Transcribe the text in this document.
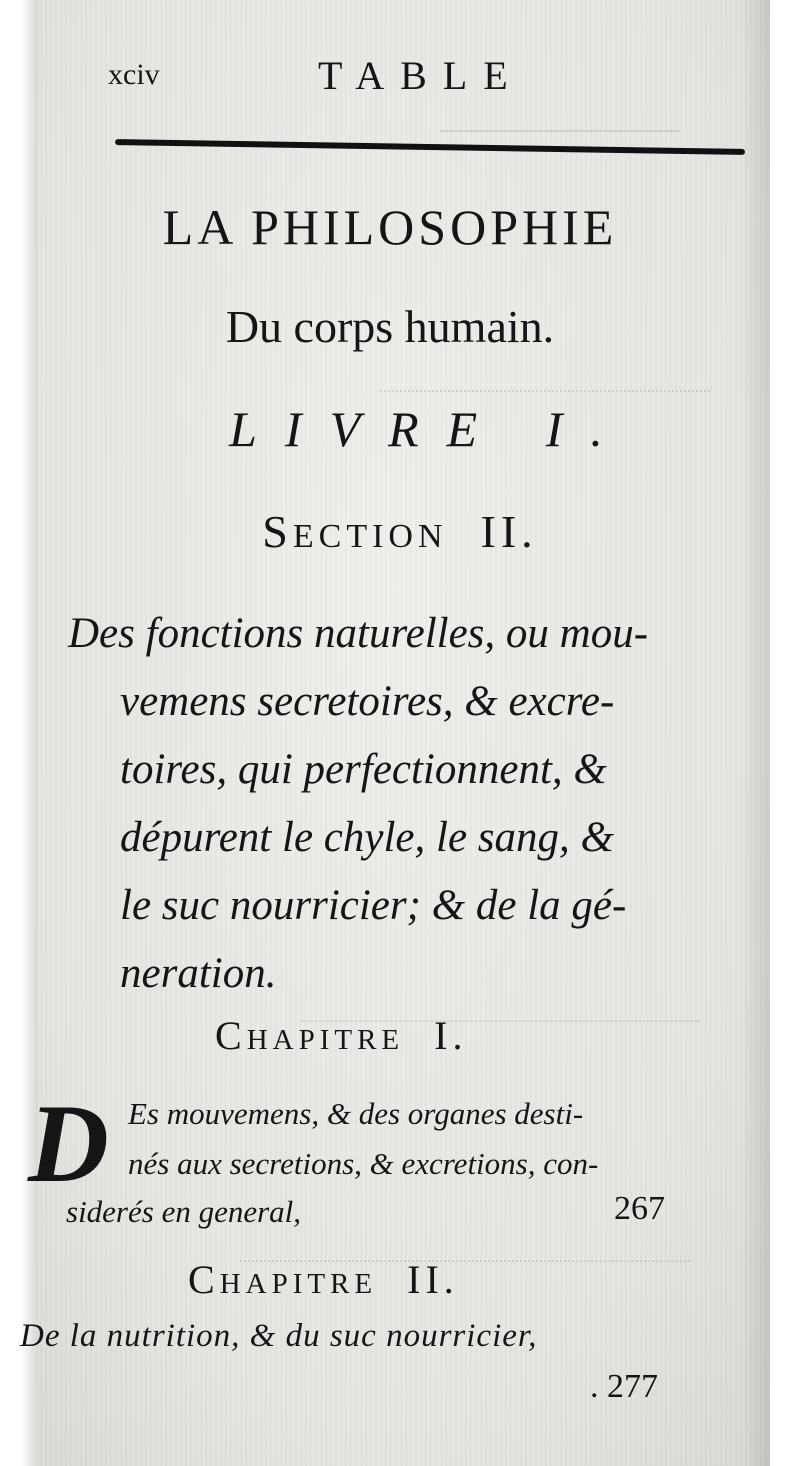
xciv	TABLE
LA PHILOSOPHIE
Du corps humain.
LIVRE I.
SECTION II.
Des fonctions naturelles, ou mou-
vemens secretoires, & excre-
toires, qui perfectionnent, &
dépurent le chyle, le sang, &
le suc nourricier; & de la gé-
neration.
CHAPITRE I.
D Es mouvemens, & des organes desti-
nés aux secretions, & excretions, con-
siderés en general,	267
CHAPITRE II.
De la nutrition, & du suc nourricier,
. 277
